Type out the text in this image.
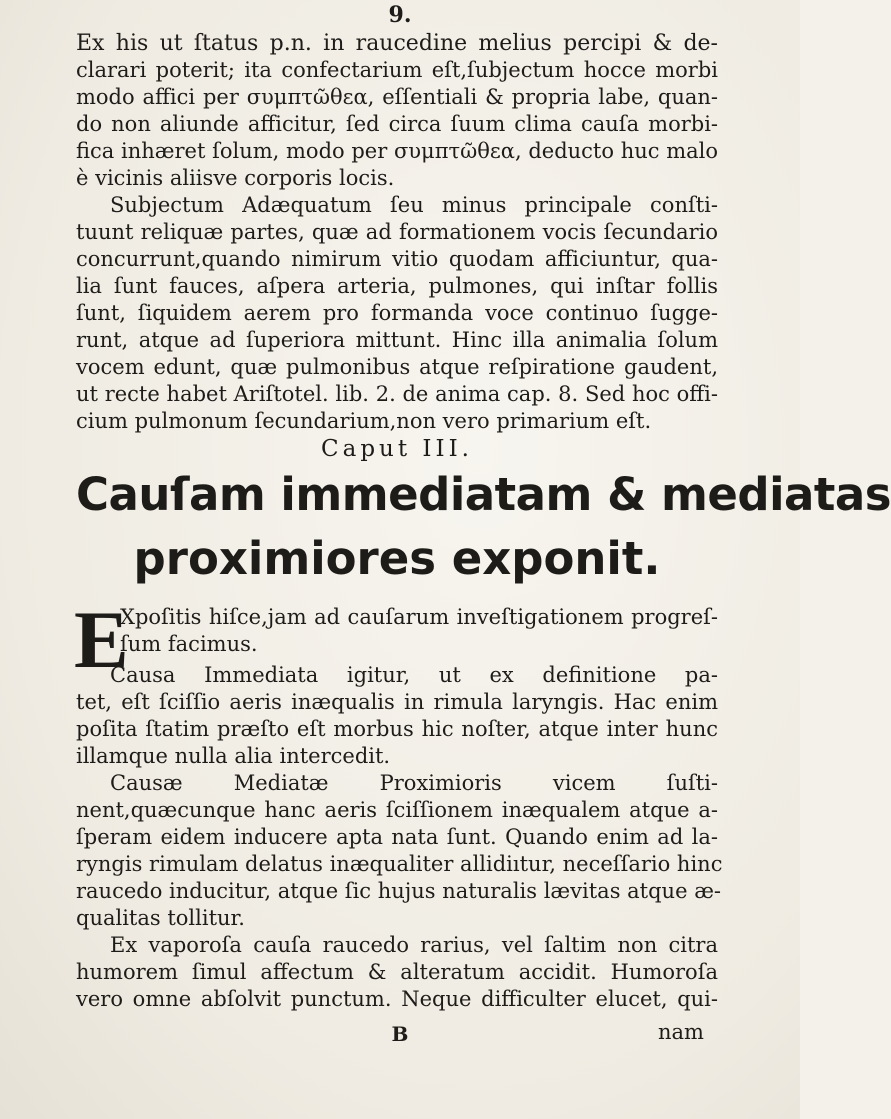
9.
Ex his ut ſtatus p.n. in raucedine melius percipi & de-
clarari poterit; ita confectarium eſt,ſubjectum hocce morbi
modo affici per συμπτῶθεα, eſſentiali & propria labe, quan-
do non aliunde afficitur, ſed circa ſuum clima cauſa morbi-
fica inhæret ſolum, modo per συμπτῶθεα, deducto huc malo
è vicinis aliisve corporis locis.
Subjectum Adæquatum ſeu minus principale conſti-
tuunt reliquæ partes, quæ ad formationem vocis ſecundario
concurrunt,quando nimirum vitio quodam afficiuntur, qua-
lia ſunt fauces, aſpera arteria, pulmones, qui inſtar follis
ſunt, ſiquidem aerem pro formanda voce continuo ſugge-
runt, atque ad ſuperiora mittunt. Hinc illa animalia ſolum
vocem edunt, quæ pulmonibus atque reſpiratione gaudent,
ut recte habet Ariſtotel. lib. 2. de anima cap. 8. Sed hoc offi-
cium pulmonum ſecundarium,non vero primarium eſt.
Caput III.
Cauſam immediatam & mediatas
proximiores exponit.
E
Xpoſitis hiſce,jam ad cauſarum inveſtigationem progreſ-
ſum facimus.
Causa Immediata igitur, ut ex definitione pa-
tet, eſt ſciſſio aeris inæqualis in rimula laryngis. Hac enim
poſita ſtatim præſto eſt morbus hic noſter, atque inter hunc
illamque nulla alia intercedit.
Causæ Mediatæ Proximioris vicem ſuſti-
nent,quæcunque hanc aeris ſciſſionem inæqualem atque a-
ſperam eidem inducere apta nata ſunt. Quando enim ad la-
ryngis rimulam delatus inæqualiter allidiıtur, neceſſario hinc
raucedo inducitur, atque ſic hujus naturalis lævitas atque æ-
qualitas tollitur.
Ex vaporoſa cauſa raucedo rarius, vel ſaltim non citra
humorem ſimul affectum & alteratum accidit. Humoroſa
vero omne abſolvit punctum. Neque difficulter elucet, qui-
B	nam
